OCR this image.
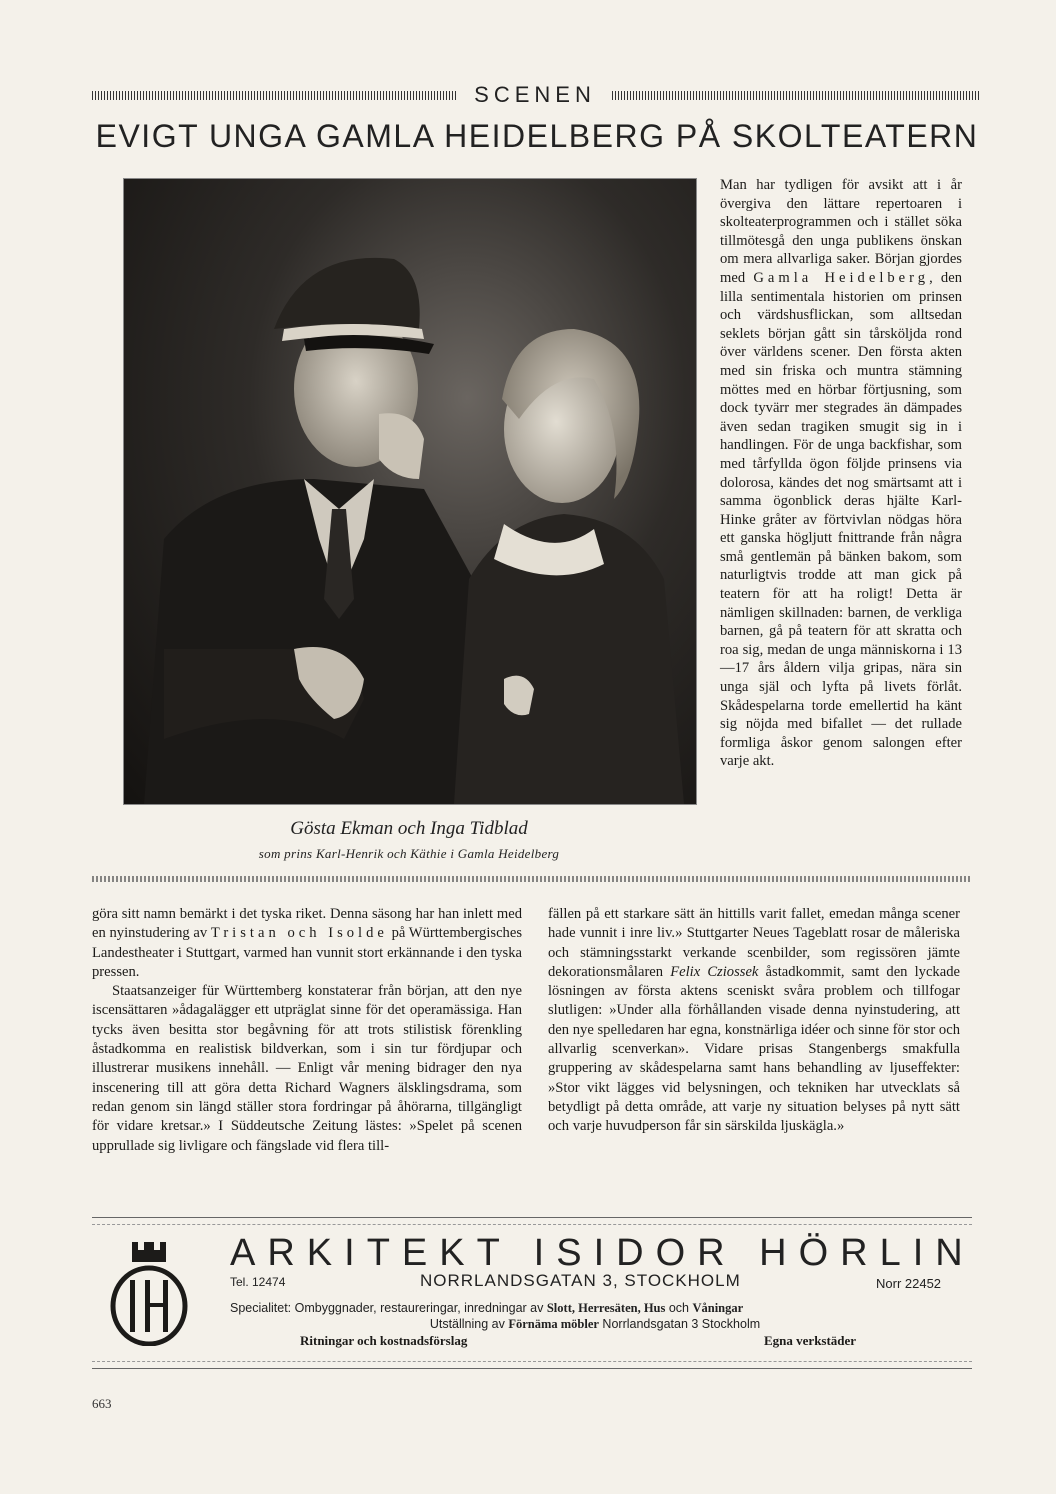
SCENEN
EVIGT UNGA GAMLA HEIDELBERG PÅ SKOLTEATERN
Gösta Ekman och Inga Tidblad
som prins Karl-Henrik och Käthie i Gamla Heidelberg
Man har tydligen för avsikt att i år övergiva den lättare repertoaren i skolteaterprogrammen och i stället söka tillmötesgå den unga publikens önskan om mera allvarliga saker. Början gjordes med Gamla Heidelberg, den lilla sentimentala historien om prinsen och värdshusflickan, som alltsedan seklets början gått sin tårsköljda rond över världens scener. Den första akten med sin friska och muntra stämning möttes med en hörbar förtjusning, som dock tyvärr mer stegrades än dämpades även sedan tragiken smugit sig in i handlingen. För de unga backfishar, som med tårfyllda ögon följde prinsens via dolorosa, kändes det nog smärtsamt att i samma ögonblick deras hjälte Karl-Hinke gråter av förtvivlan nödgas höra ett ganska högljutt fnittrande från några små gentlemän på bänken bakom, som naturligtvis trodde att man gick på teatern för att ha roligt! Detta är nämligen skillnaden: barnen, de verkliga barnen, gå på teatern för att skratta och roa sig, medan de unga människorna i 13—17 års åldern vilja gripas, nära sin unga själ och lyfta på livets förlåt. Skådespelarna torde emellertid ha känt sig nöjda med bifallet — det rullade formliga åskor genom salongen efter varje akt.

göra sitt namn bemärkt i det tyska riket. Denna säsong har han inlett med en nyinstudering av Tristan och Isolde på Württembergisches Landestheater i Stuttgart, varmed han vunnit stort erkännande i den tyska pressen.

Staatsanzeiger für Württemberg konstaterar från början, att den nye iscensättaren »ådagalägger ett utpräglat sinne för det operamässiga. Han tycks även besitta stor begåvning för att trots stilistisk förenkling åstadkomma en realistisk bildverkan, som i sin tur fördjupar och illustrerar musikens innehåll. — Enligt vår mening bidrager den nya inscenering till att göra detta Richard Wagners älsklingsdrama, som redan genom sin längd ställer stora fordringar på åhörarna, tillgängligt för vidare kretsar.» I Süddeutsche Zeitung lästes: »Spelet på scenen upprullade sig livligare och fängslade vid flera till-

fällen på ett starkare sätt än hittills varit fallet, emedan många scener hade vunnit i inre liv.» Stuttgarter Neues Tageblatt rosar de måleriska och stämningsstarkt verkande scenbilder, som regissören jämte dekorationsmålaren Felix Cziossek åstadkommit, samt den lyckade lösningen av första aktens sceniskt svåra problem och tillfogar slutligen: »Under alla förhållanden visade denna nyinstudering, att den nye spelledaren har egna, konstnärliga idéer och sinne för stor och allvarlig scenverkan». Vidare prisas Stangenbergs smakfulla gruppering av skådespelarna samt hans behandling av ljuseffekter: »Stor vikt lägges vid belysningen, och tekniken har utvecklats så betydligt på detta område, att varje ny situation belyses på nytt sätt och varje huvudperson får sin särskilda ljuskägla.»

ARKITEKT ISIDOR HÖRLIN
Tel. 12474	NORRLANDSGATAN 3, STOCKHOLM	Norr 22452
Specialitet: Ombyggnader, restaureringar, inredningar av Slott, Herresäten, Hus och Våningar
Utställning av Förnäma möbler Norrlandsgatan 3 Stockholm
Ritningar och kostnadsförslag	Egna verkstäder
663
